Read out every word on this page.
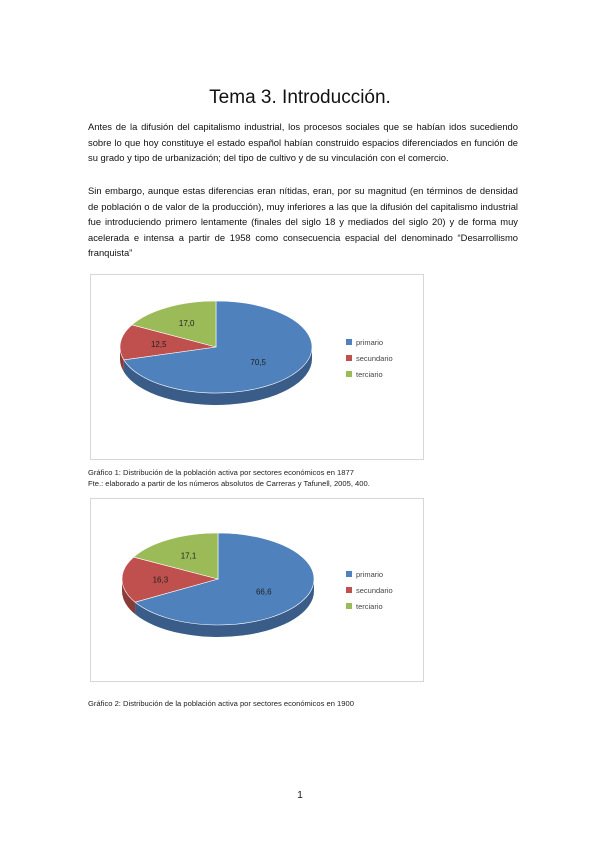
Tema 3. Introducción.

Antes de la difusión del capitalismo industrial, los procesos sociales que se habían idos sucediendo sobre lo que hoy constituye el estado español habían construido espacios diferenciados en función de su grado y tipo de urbanización; del tipo de cultivo y de su vinculación con el comercio.

Sin embargo, aunque estas diferencias eran nítidas, eran, por su magnitud (en términos de densidad de población o de valor de la producción), muy inferiores a las que la difusión del capitalismo industrial fue introduciendo primero lentamente (finales del siglo 18 y mediados del siglo 20) y de forma muy acelerada e intensa a partir de 1958 como consecuencia espacial del denominado “Desarrollismo franquista”

70,5
12,5
17,0
primario
secundario
terciario

Gráfico 1: Distribución de la población activa por sectores económicos en 1877

Fte.: elaborado a partir de los números absolutos de Carreras y Tafunell, 2005, 400.

66,6
16,3
17,1
primario
secundario
terciario

Gráfico 2: Distribución de la población activa por sectores económicos en 1900

1
